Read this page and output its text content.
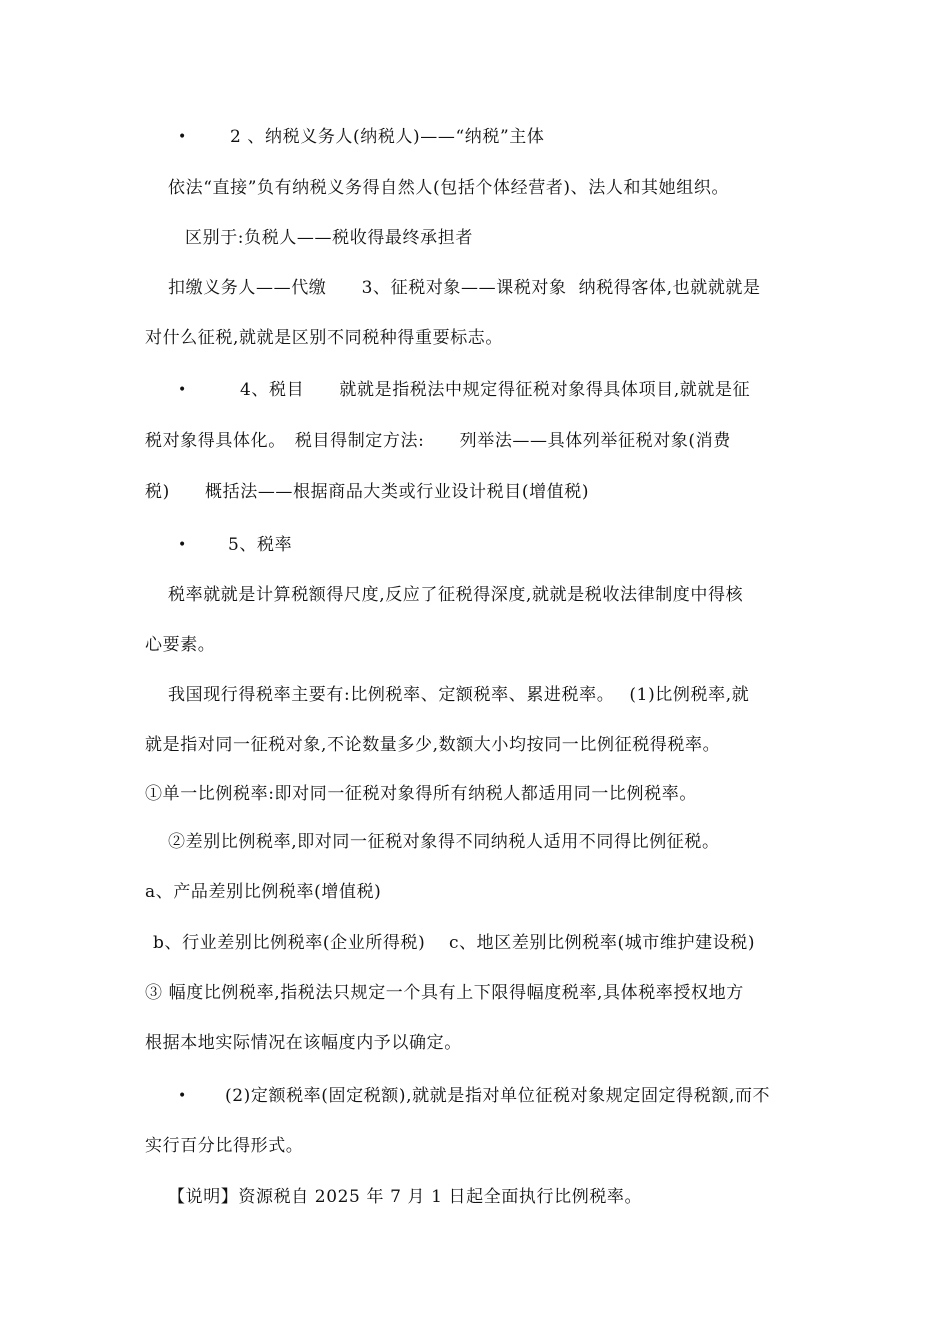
•	2 、纳税义务人(纳税人)——“纳税”主体
依法“直接”负有纳税义务得自然人(包括个体经营者)、法人和其她组织。
区别于:负税人——税收得最终承担者
扣缴义务人——代缴　　3、征税对象——课税对象  纳税得客体,也就就就是
对什么征税,就就是区别不同税种得重要标志。
•	4、税目　　就就是指税法中规定得征税对象得具体项目,就就是征
税对象得具体化。　税目得制定方法:　　列举法——具体列举征税对象(消费
税)　　概括法——根据商品大类或行业设计税目(增值税)
• 5、税率
税率就就是计算税额得尺度,反应了征税得深度,就就是税收法律制度中得核
心要素。
我国现行得税率主要有:比例税率、定额税率、累进税率。　 (1)比例税率,就
就是指对同一征税对象,不论数量多少,数额大小均按同一比例征税得税率。
①单一比例税率:即对同一征税对象得所有纳税人都适用同一比例税率。
②差别比例税率,即对同一征税对象得不同纳税人适用不同得比例征税。
a、产品差别比例税率(增值税)
b、行业差别比例税率(企业所得税)　 c、地区差别比例税率(城市维护建设税)
③ 幅度比例税率,指税法只规定一个具有上下限得幅度税率,具体税率授权地方
根据本地实际情况在该幅度内予以确定。
• (2)定额税率(固定税额),就就是指对单位征税对象规定固定得税额,而不
实行百分比得形式。
【说明】资源税自 2025 年 7 月 1 日起全面执行比例税率。
